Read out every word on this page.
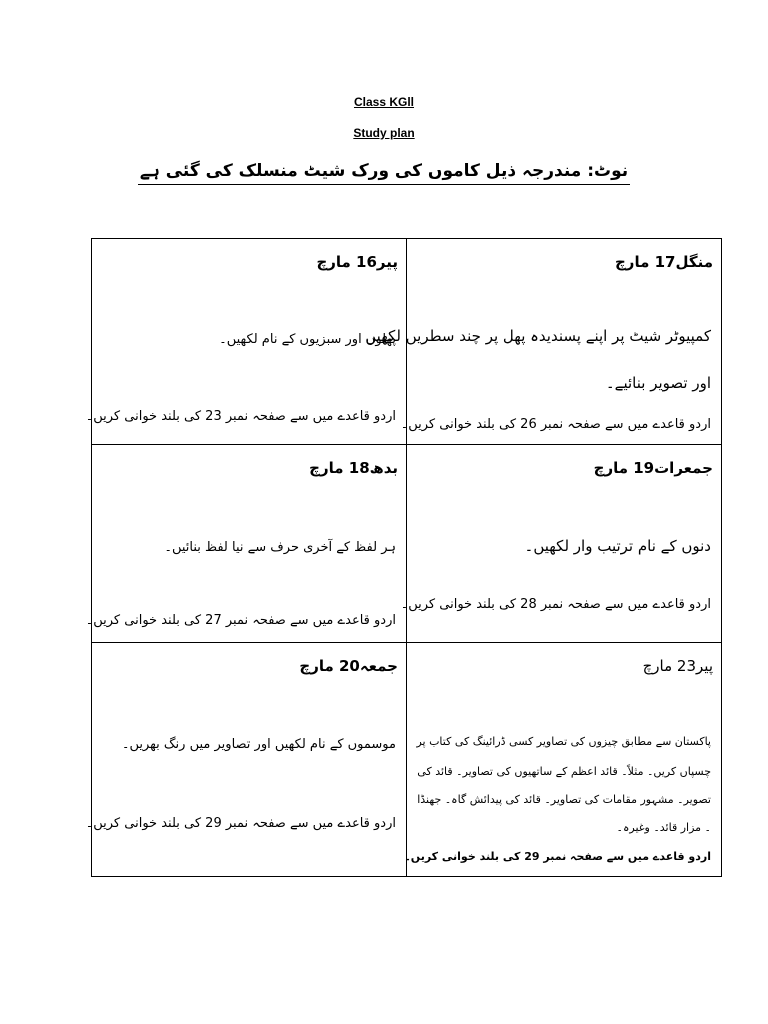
Class KGll
Study plan
نوٹ: مندرجہ ذیل کاموں کی ورک شیٹ منسلک کی گئی ہے
منگل17 مارچ
کمپیوٹر شیٹ پر اپنے پسندیدہ پھل پر چند سطریں لکھیں
اور تصویر بنائیے۔
اردو قاعدے میں سے صفحہ نمبر 26 کی بلند خوانی کریں۔
پیر16 مارچ
پھلوں اور سبزیوں کے نام لکھیں۔
اردو قاعدے میں سے صفحہ نمبر 23 کی بلند خوانی کریں۔
جمعرات19 مارچ
دنوں کے نام ترتیب وار لکھیں۔
اردو قاعدے میں سے صفحہ نمبر 28 کی بلند خوانی کریں۔
بدھ18 مارچ
ہر لفظ کے آخری حرف سے نیا لفظ بنائیں۔
اردو قاعدے میں سے صفحہ نمبر 27 کی بلند خوانی کریں۔
پیر23 مارچ
پاکستان سے مطابق چیزوں کی تصاویر کسی ڈرائینگ کی کتاب پر
چسپاں کریں۔ مثلاً۔ قائد اعظم کے ساتھیوں کی تصاویر۔ قائد کی
تصویر۔ مشہور مقامات کی تصاویر۔ قائد کی پیدائش گاہ۔ جھنڈا
۔ مزار قائد۔ وغیرہ۔
اردو قاعدے میں سے صفحہ نمبر 29 کی بلند خوانی کریں۔
جمعہ20 مارچ
موسموں کے نام لکھیں اور تصاویر میں رنگ بھریں۔
اردو قاعدے میں سے صفحہ نمبر 29 کی بلند خوانی کریں۔
